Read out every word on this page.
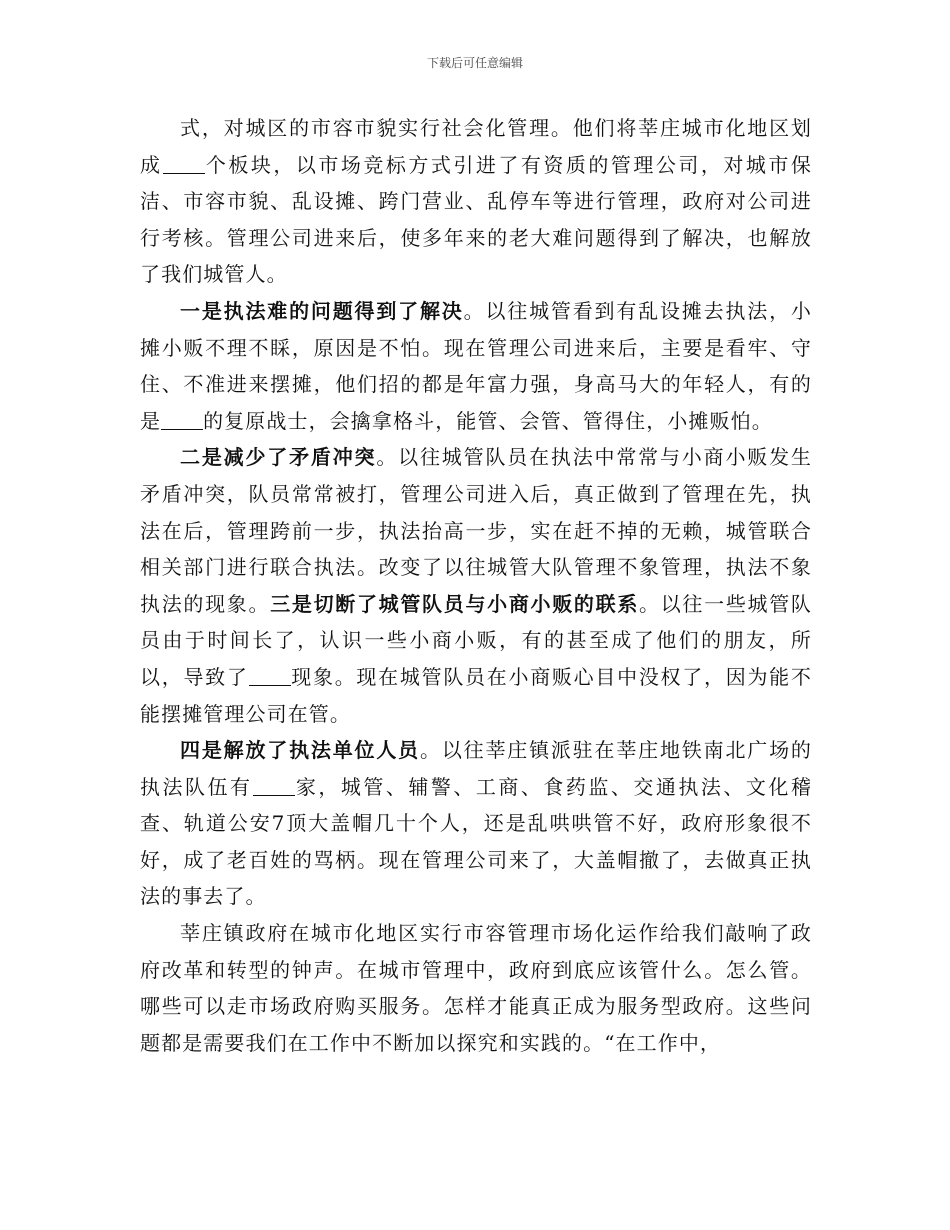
下载后可任意编辑

式，对城区的市容市貌实行社会化管理。他们将莘庄城市化地区划成 个板块，以市场竞标方式引进了有资质的管理公司，对城市保洁、市容市貌、乱设摊、跨门营业、乱停车等进行管理，政府对公司进行考核。管理公司进来后，使多年来的老大难问题得到了解决，也解放了我们城管人。

一是执法难的问题得到了解决。以往城管看到有乱设摊去执法，小摊小贩不理不睬，原因是不怕。现在管理公司进来后，主要是看牢、守住、不准进来摆摊，他们招的都是年富力强，身高马大的年轻人，有的是 的复原战士，会擒拿格斗，能管、会管、管得住，小摊贩怕。

二是减少了矛盾冲突。以往城管队员在执法中常常与小商小贩发生矛盾冲突，队员常常被打，管理公司进入后，真正做到了管理在先，执法在后，管理跨前一步，执法抬高一步，实在赶不掉的无赖，城管联合相关部门进行联合执法。改变了以往城管大队管理不象管理，执法不象执法的现象。三是切断了城管队员与小商小贩的联系。以往一些城管队员由于时间长了，认识一些小商小贩，有的甚至成了他们的朋友，所以，导致了 现象。现在城管队员在小商贩心目中没权了，因为能不能摆摊管理公司在管。

四是解放了执法单位人员。以往莘庄镇派驻在莘庄地铁南北广场的执法队伍有 家，城管、辅警、工商、食药监、交通执法、文化稽查、轨道公安7顶大盖帽几十个人，还是乱哄哄管不好，政府形象很不好，成了老百姓的骂柄。现在管理公司来了，大盖帽撤了，去做真正执法的事去了。

莘庄镇政府在城市化地区实行市容管理市场化运作给我们敲响了政府改革和转型的钟声。在城市管理中，政府到底应该管什么。怎么管。哪些可以走市场政府购买服务。怎样才能真正成为服务型政府。这些问题都是需要我们在工作中不断加以探究和实践的。“在工作中，
